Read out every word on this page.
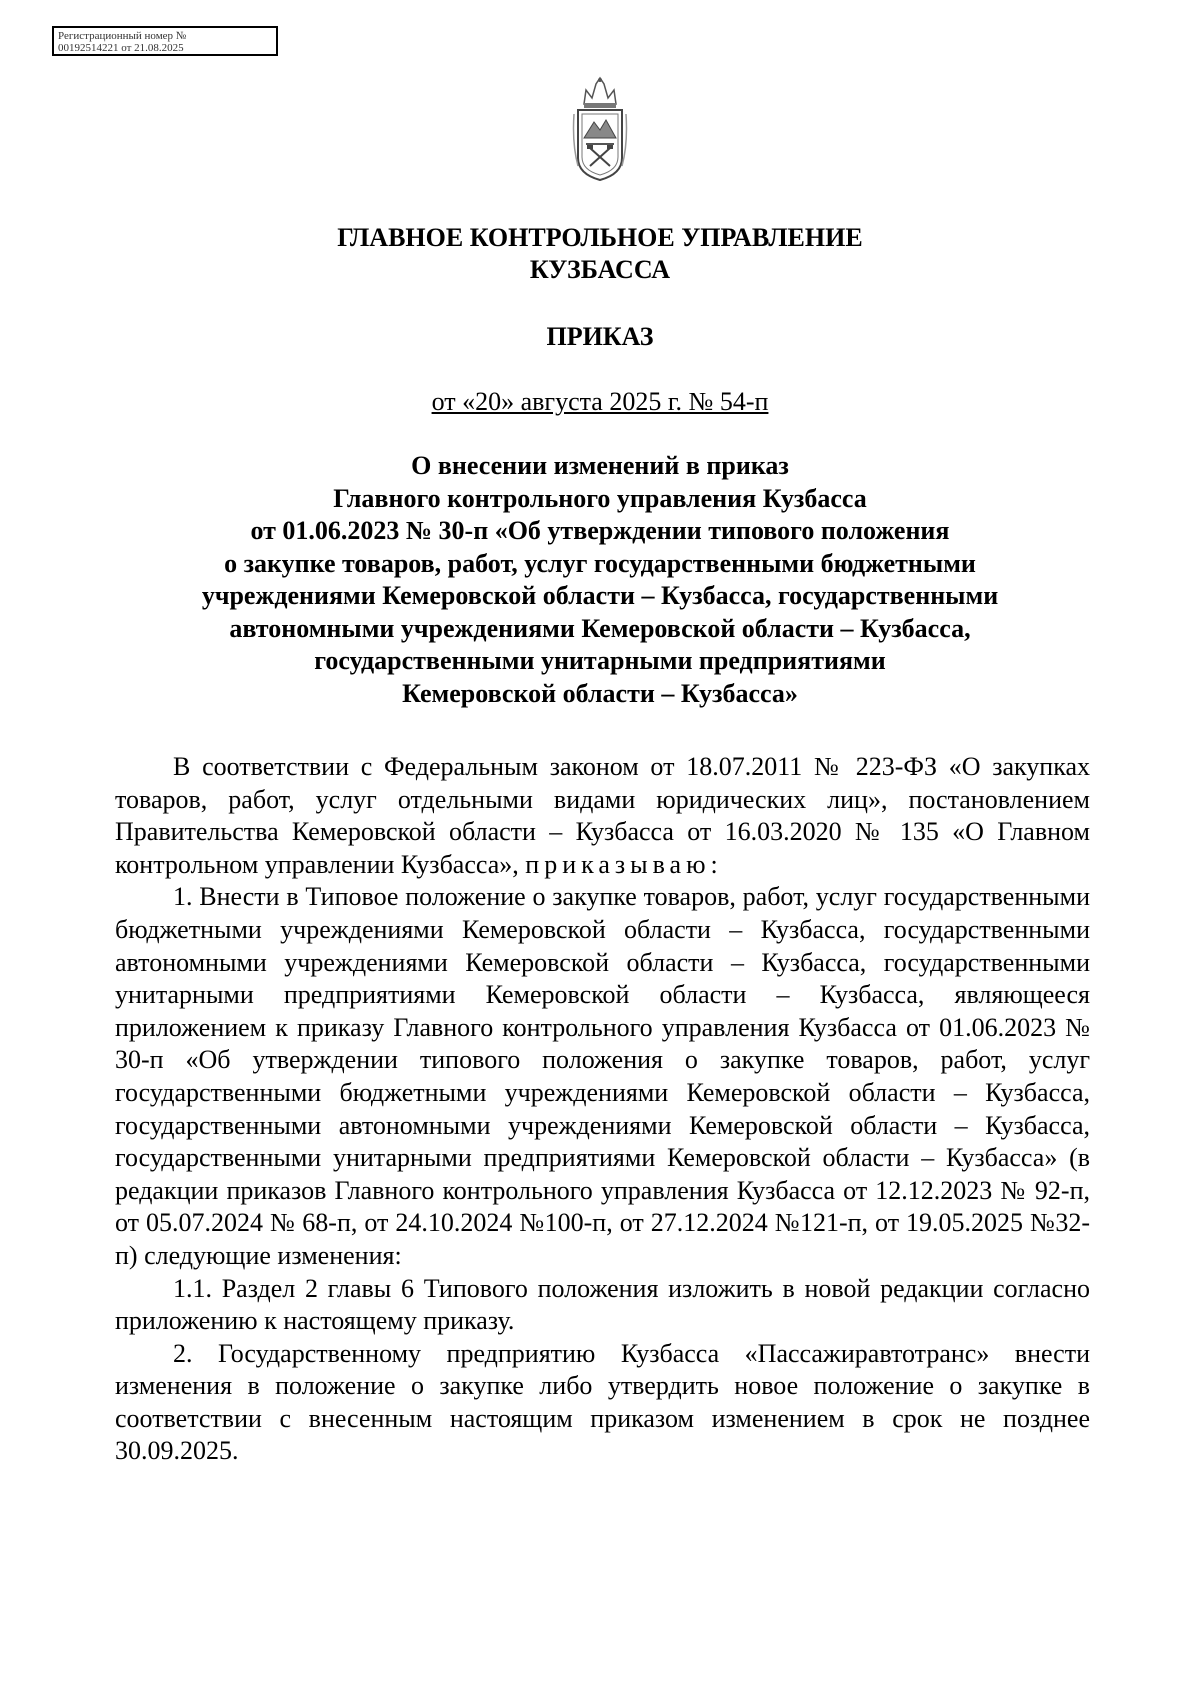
Регистрационный номер №
00192514221 от 21.08.2025
ГЛАВНОЕ КОНТРОЛЬНОЕ УПРАВЛЕНИЕ
КУЗБАССА
ПРИКАЗ
от «20» августа 2025 г. № 54-п
О внесении изменений в приказ
Главного контрольного управления Кузбасса
от 01.06.2023 № 30-п «Об утверждении типового положения
о закупке товаров, работ, услуг государственными бюджетными
учреждениями Кемеровской области – Кузбасса, государственными
автономными учреждениями Кемеровской области – Кузбасса,
государственными унитарными предприятиями
Кемеровской области – Кузбасса»

В соответствии с Федеральным законом от 18.07.2011 № 223-ФЗ «О закупках товаров, работ, услуг отдельными видами юридических лиц», постановлением Правительства Кемеровской области – Кузбасса от 16.03.2020 № 135 «О Главном контрольном управлении Кузбасса», приказываю:

1. Внести в Типовое положение о закупке товаров, работ, услуг государственными бюджетными учреждениями Кемеровской области – Кузбасса, государственными автономными учреждениями Кемеровской области – Кузбасса, государственными унитарными предприятиями Кемеровской области – Кузбасса, являющееся приложением к приказу Главного контрольного управления Кузбасса от 01.06.2023 № 30-п «Об утверждении типового положения о закупке товаров, работ, услуг государственными бюджетными учреждениями Кемеровской области – Кузбасса, государственными автономными учреждениями Кемеровской области – Кузбасса, государственными унитарными предприятиями Кемеровской области – Кузбасса» (в редакции приказов Главного контрольного управления Кузбасса от 12.12.2023 № 92-п, от 05.07.2024 № 68-п, от 24.10.2024 №100-п, от 27.12.2024 №121-п, от 19.05.2025 №32-п) следующие изменения:

1.1. Раздел 2 главы 6 Типового положения изложить в новой редакции согласно приложению к настоящему приказу.

2. Государственному предприятию Кузбасса «Пассажиравтотранс» внести изменения в положение о закупке либо утвердить новое положение о закупке в соответствии с внесенным настоящим приказом изменением в срок не позднее 30.09.2025.
